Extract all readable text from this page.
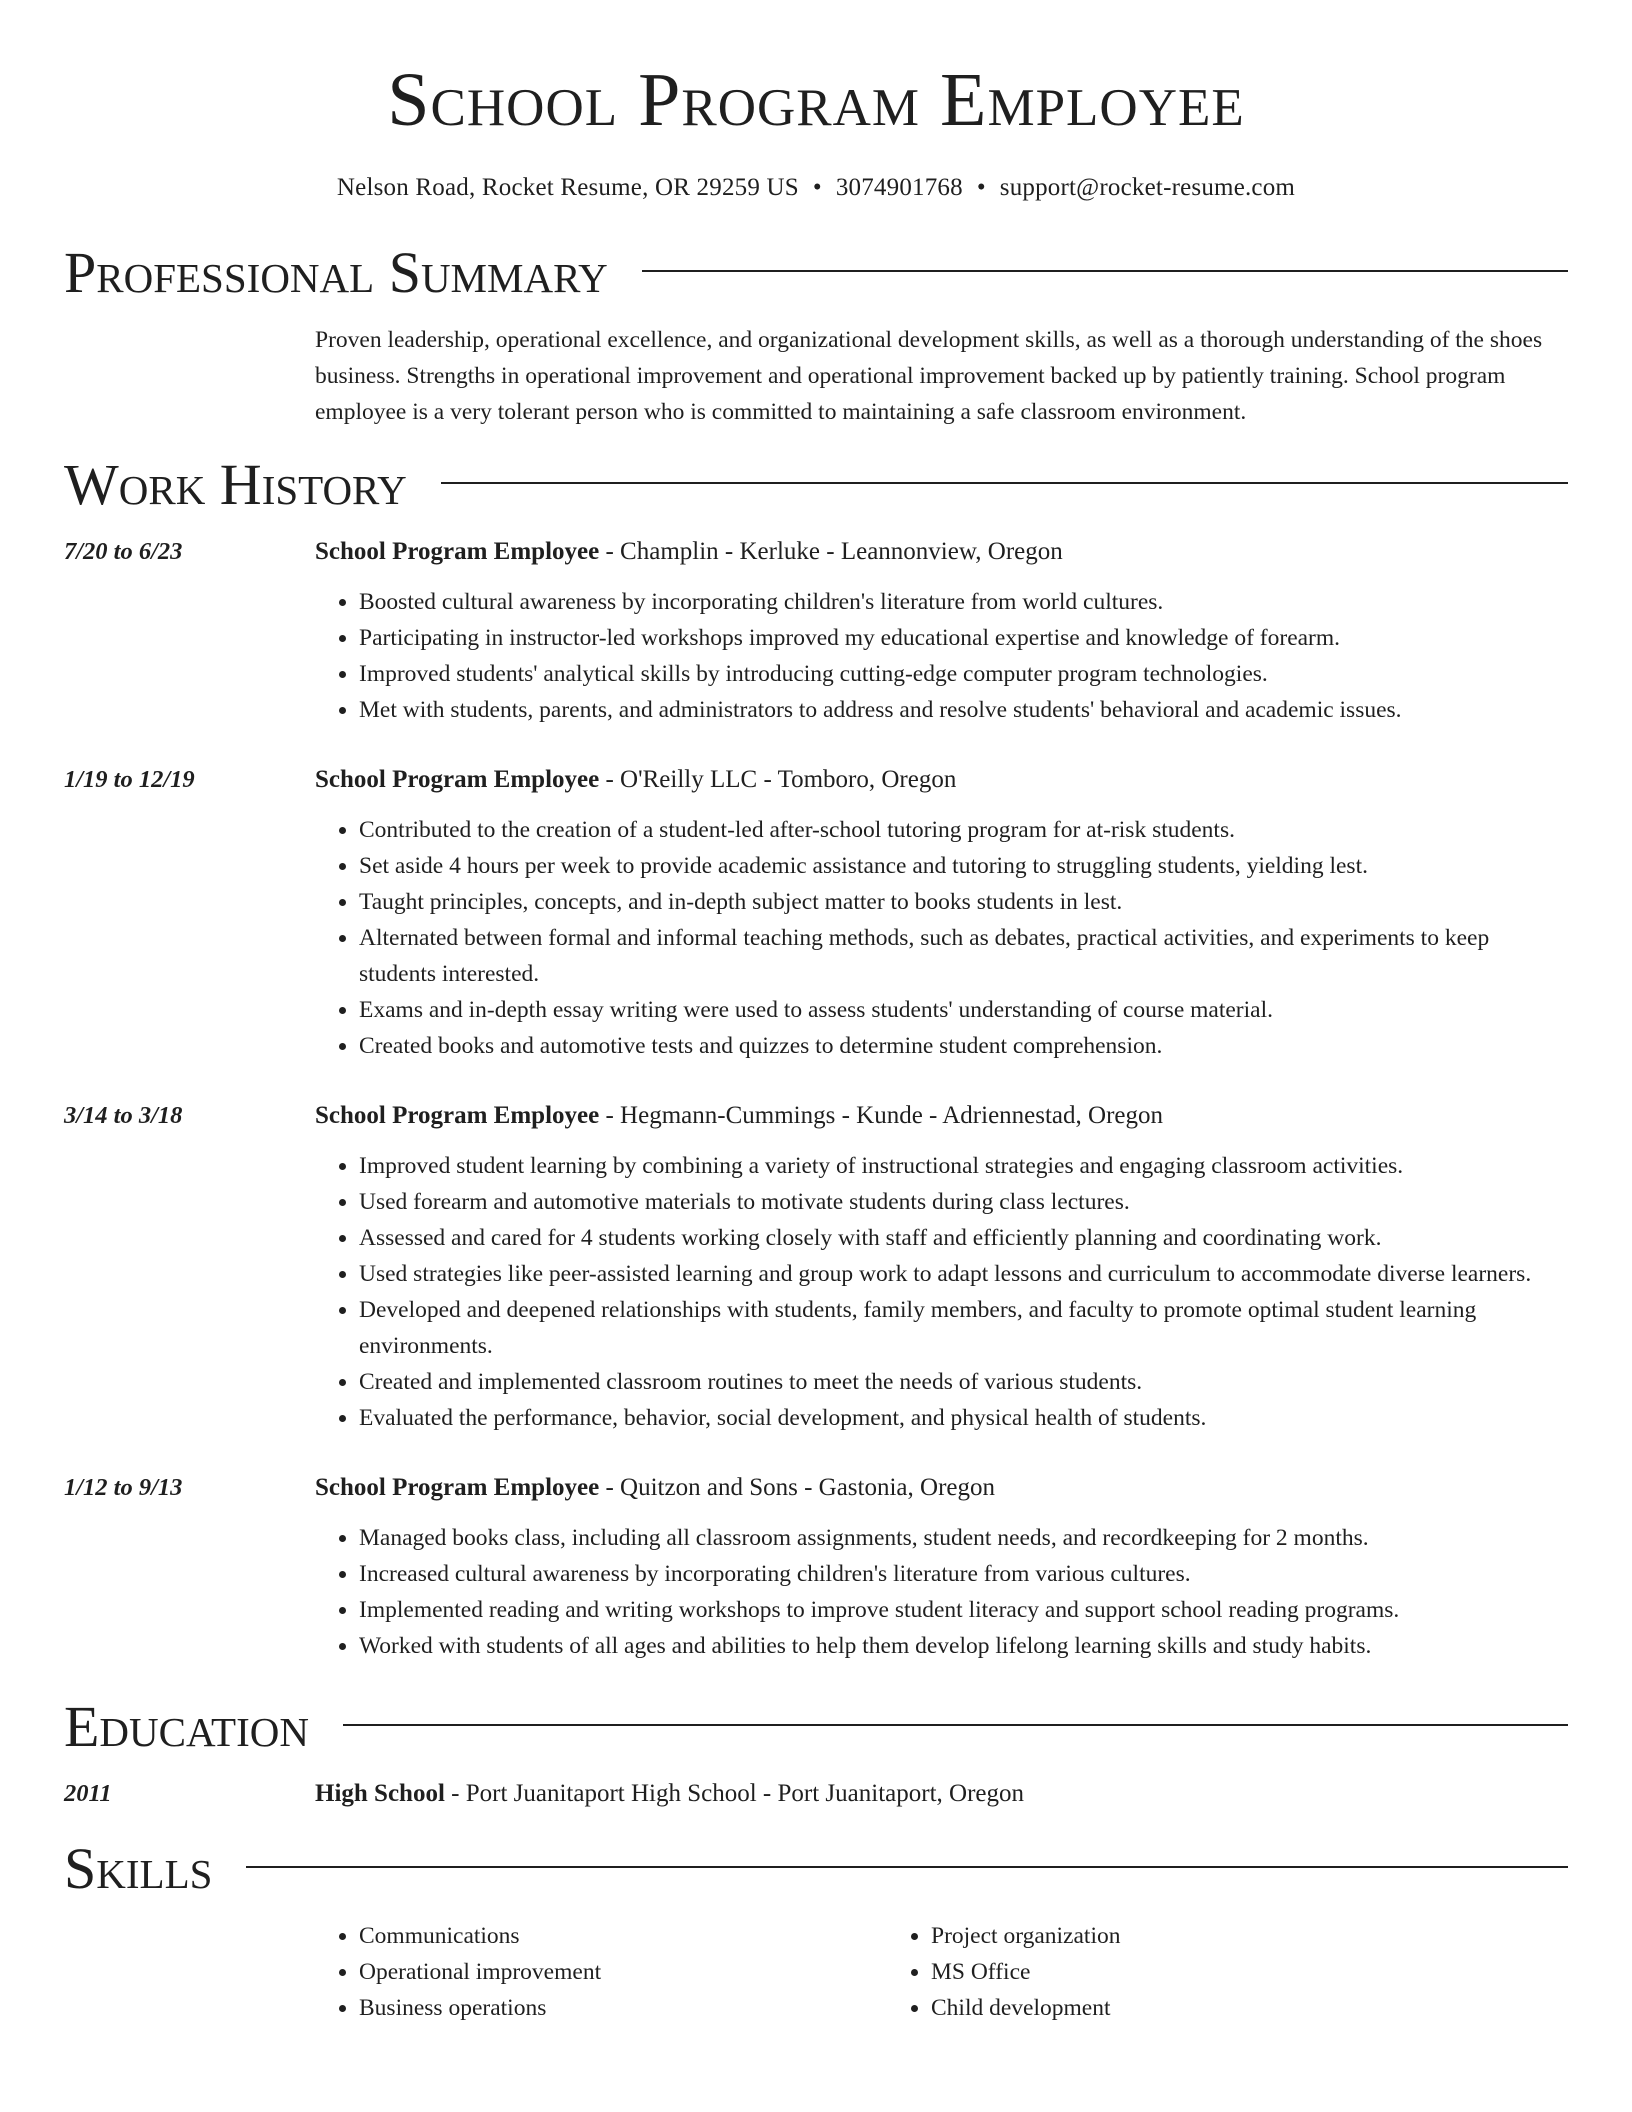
School Program Employee
Nelson Road, Rocket Resume, OR 29259 US • 3074901768 • support@rocket-resume.com
Professional Summary
Proven leadership, operational excellence, and organizational development skills, as well as a thorough understanding of the shoes business. Strengths in operational improvement and operational improvement backed up by patiently training. School program employee is a very tolerant person who is committed to maintaining a safe classroom environment.
Work History
7/20 to 6/23	School Program Employee - Champlin - Kerluke - Leannonview, Oregon
• Boosted cultural awareness by incorporating children's literature from world cultures.
• Participating in instructor-led workshops improved my educational expertise and knowledge of forearm.
• Improved students' analytical skills by introducing cutting-edge computer program technologies.
• Met with students, parents, and administrators to address and resolve students' behavioral and academic issues.
1/19 to 12/19	School Program Employee - O'Reilly LLC - Tomboro, Oregon
• Contributed to the creation of a student-led after-school tutoring program for at-risk students.
• Set aside 4 hours per week to provide academic assistance and tutoring to struggling students, yielding lest.
• Taught principles, concepts, and in-depth subject matter to books students in lest.
• Alternated between formal and informal teaching methods, such as debates, practical activities, and experiments to keep students interested.
• Exams and in-depth essay writing were used to assess students' understanding of course material.
• Created books and automotive tests and quizzes to determine student comprehension.
3/14 to 3/18	School Program Employee - Hegmann-Cummings - Kunde - Adriennestad, Oregon
• Improved student learning by combining a variety of instructional strategies and engaging classroom activities.
• Used forearm and automotive materials to motivate students during class lectures.
• Assessed and cared for 4 students working closely with staff and efficiently planning and coordinating work.
• Used strategies like peer-assisted learning and group work to adapt lessons and curriculum to accommodate diverse learners.
• Developed and deepened relationships with students, family members, and faculty to promote optimal student learning environments.
• Created and implemented classroom routines to meet the needs of various students.
• Evaluated the performance, behavior, social development, and physical health of students.
1/12 to 9/13	School Program Employee - Quitzon and Sons - Gastonia, Oregon
• Managed books class, including all classroom assignments, student needs, and recordkeeping for 2 months.
• Increased cultural awareness by incorporating children's literature from various cultures.
• Implemented reading and writing workshops to improve student literacy and support school reading programs.
• Worked with students of all ages and abilities to help them develop lifelong learning skills and study habits.
Education
2011	High School - Port Juanitaport High School - Port Juanitaport, Oregon
Skills
• Communications
• Operational improvement
• Business operations
• Project organization
• MS Office
• Child development
